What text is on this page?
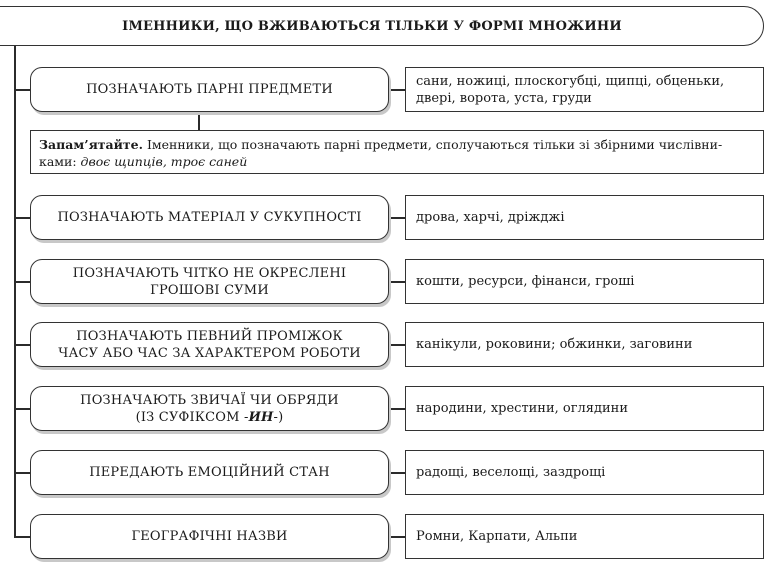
ІМЕННИКИ, ЩО ВЖИВАЮТЬСЯ ТІЛЬКИ У ФОРМІ МНОЖИНИ
ПОЗНАЧАЮТЬ ПАРНІ ПРЕДМЕТИ
сани, ножиці, плоскогубці, щипці, обценьки,
двері, ворота, уста, груди
Запам’ятайте. Іменники, що позначають парні предмети, сполучаються тільки зі збірними числівни-
ками: двоє щипців, троє саней
ПОЗНАЧАЮТЬ МАТЕРІАЛ У СУКУПНОСТІ	дрова, харчі, дріжджі
ПОЗНАЧАЮТЬ ЧІТКО НЕ ОКРЕСЛЕНІ
ГРОШОВІ СУМИ
кошти, ресурси, фінанси, гроші
ПОЗНАЧАЮТЬ ПЕВНИЙ ПРОМІЖОК
ЧАСУ АБО ЧАС ЗА ХАРАКТЕРОМ РОБОТИ
канікули, роковини; обжинки, заговини
ПОЗНАЧАЮТЬ ЗВИЧАЇ ЧИ ОБРЯДИ
(ІЗ СУФІКСОМ -ИН-)
народини, хрестини, оглядини
ПЕРЕДАЮТЬ ЕМОЦІЙНИЙ СТАН	радощі, веселощі, заздрощі
ГЕОГРАФІЧНІ НАЗВИ	Ромни, Карпати, Альпи
